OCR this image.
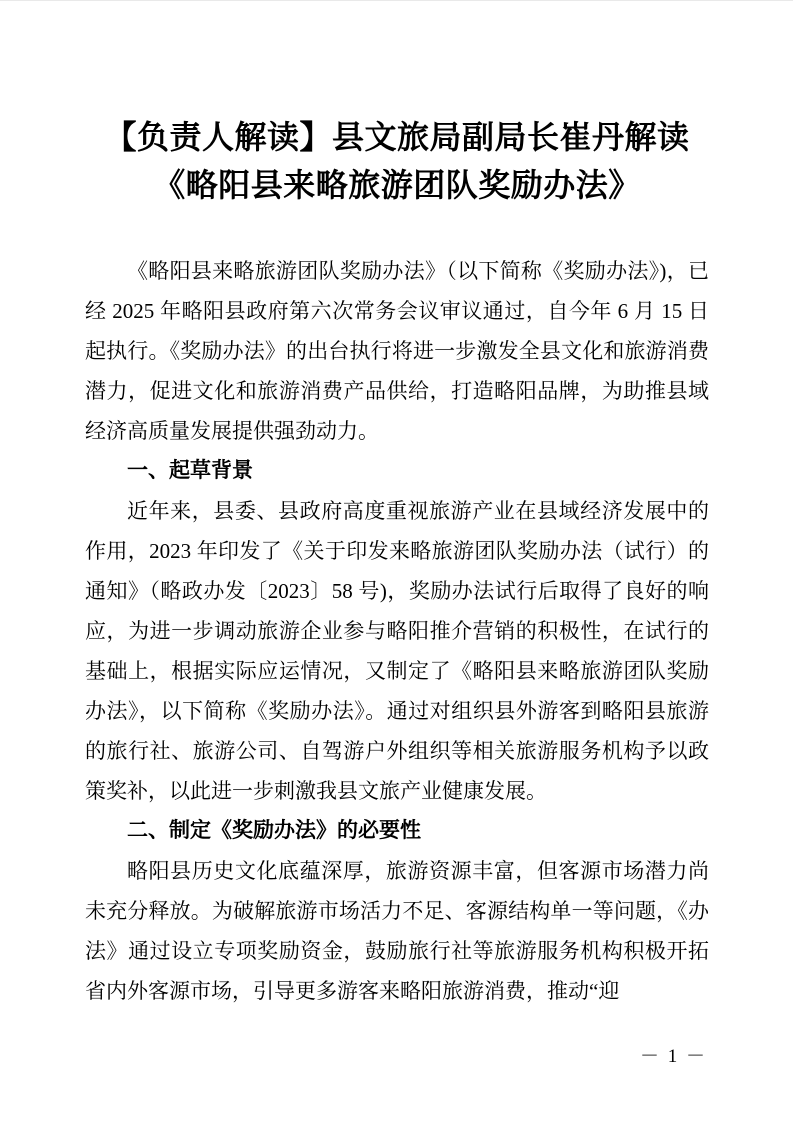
【负责人解读】县文旅局副局长崔丹解读《略阳县来略旅游团队奖励办法》

《略阳县来略旅游团队奖励办法》（以下简称《奖励办法》)，已经 2025 年略阳县政府第六次常务会议审议通过，自今年 6 月 15 日起执行。《奖励办法》的出台执行将进一步激发全县文化和旅游消费潜力，促进文化和旅游消费产品供给，打造略阳品牌，为助推县域经济高质量发展提供强劲动力。

一、起草背景

近年来，县委、县政府高度重视旅游产业在县域经济发展中的作用，2023 年印发了《关于印发来略旅游团队奖励办法（试行）的通知》（略政办发〔2023〕58 号)，奖励办法试行后取得了良好的响应，为进一步调动旅游企业参与略阳推介营销的积极性，在试行的基础上，根据实际应运情况，又制定了《略阳县来略旅游团队奖励办法》，以下简称《奖励办法》。通过对组织县外游客到略阳县旅游的旅行社、旅游公司、自驾游户外组织等相关旅游服务机构予以政策奖补，以此进一步刺激我县文旅产业健康发展。

二、制定《奖励办法》的必要性

略阳县历史文化底蕴深厚，旅游资源丰富，但客源市场潜力尚未充分释放。为破解旅游市场活力不足、客源结构单一等问题，《办法》通过设立专项奖励资金，鼓励旅行社等旅游服务机构积极开拓省内外客源市场，引导更多游客来略阳旅游消费，推动“迎

－ 1 －
